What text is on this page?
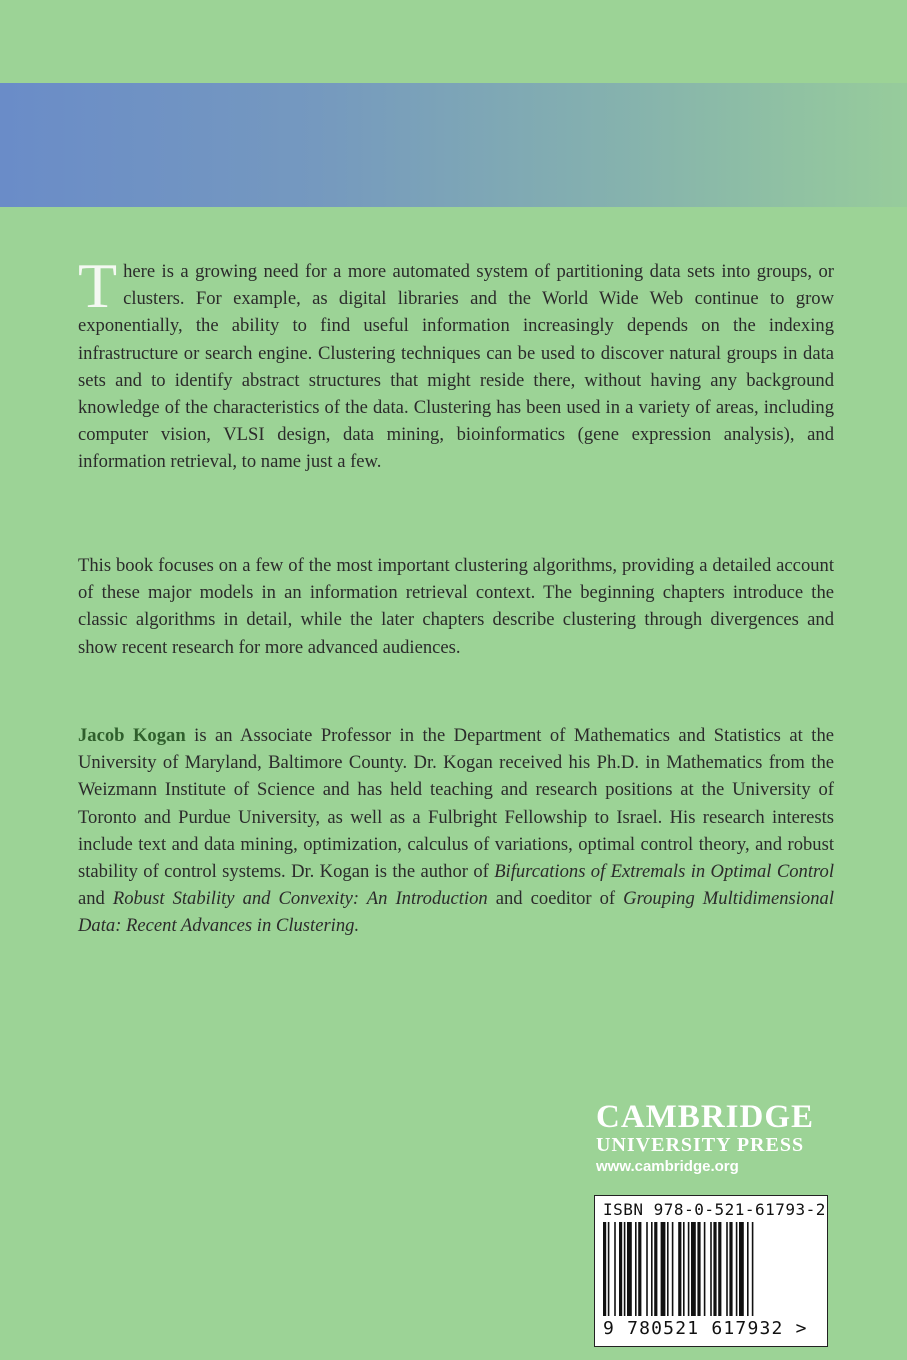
There is a growing need for a more automated system of partitioning data sets into groups, or clusters. For example, as digital libraries and the World Wide Web continue to grow exponentially, the ability to find useful information increasingly depends on the indexing infrastructure or search engine. Clustering techniques can be used to discover natural groups in data sets and to identify abstract structures that might reside there, without having any background knowledge of the characteristics of the data. Clustering has been used in a variety of areas, including computer vision, VLSI design, data mining, bioinformatics (gene expression analysis), and information retrieval, to name just a few.
This book focuses on a few of the most important clustering algorithms, providing a detailed account of these major models in an information retrieval context. The beginning chapters introduce the classic algorithms in detail, while the later chapters describe clustering through divergences and show recent research for more advanced audiences.
Jacob Kogan is an Associate Professor in the Department of Mathematics and Statistics at the University of Maryland, Baltimore County. Dr. Kogan received his Ph.D. in Mathematics from the Weizmann Institute of Science and has held teaching and research positions at the University of Toronto and Purdue University, as well as a Fulbright Fellowship to Israel. His research interests include text and data mining, optimization, calculus of variations, optimal control theory, and robust stability of control systems. Dr. Kogan is the author of Bifurcations of Extremals in Optimal Control and Robust Stability and Convexity: An Introduction and coeditor of Grouping Multidimensional Data: Recent Advances in Clustering.
CAMBRIDGE
UNIVERSITY PRESS
www.cambridge.org
ISBN 978-0-521-61793-2
9 780521 617932 >
